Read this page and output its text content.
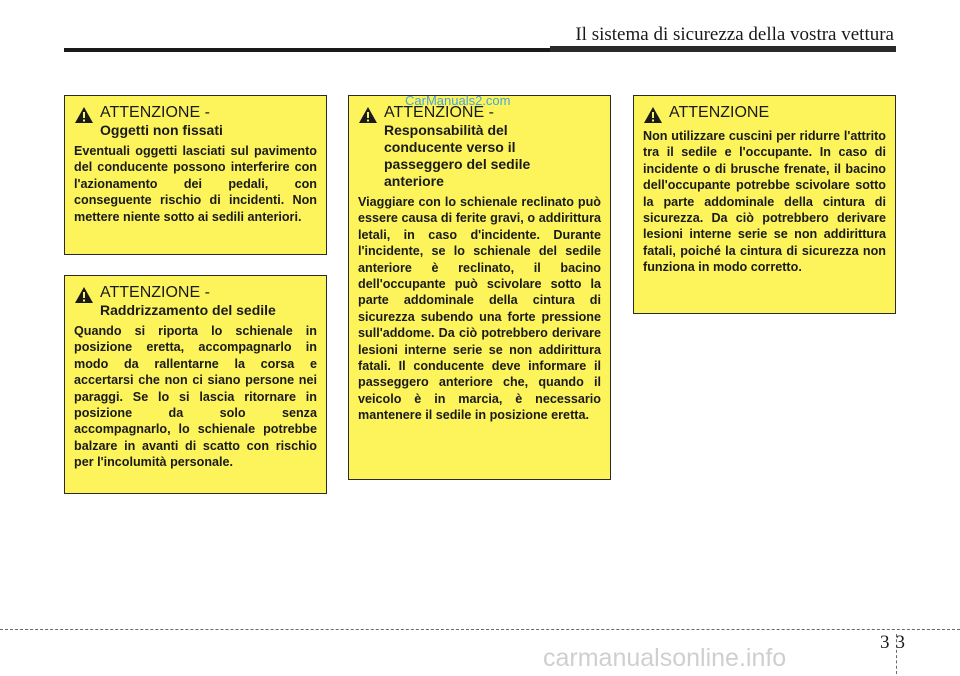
Il sistema di sicurezza della vostra vettura
ATTENZIONE -
Oggetti non fissati
Eventuali oggetti lasciati sul pavimento del conducente possono interferire con l'azionamento dei pedali, con conseguente rischio di incidenti. Non mettere niente sotto ai sedili anteriori.
ATTENZIONE -
Raddrizzamento del sedile
Quando si riporta lo schienale in posizione eretta, accompagnarlo in modo da rallentarne la corsa e accertarsi che non ci siano persone nei paraggi. Se lo si lascia ritornare in posizione da solo senza accompagnarlo, lo schienale potrebbe balzare in avanti di scatto con rischio per l'incolumità personale.
ATTENZIONE -
Responsabilità del conducente verso il passeggero del sedile anteriore
Viaggiare con lo schienale reclinato può essere causa di ferite gravi, o addirittura letali, in caso d'incidente. Durante l'incidente, se lo schienale del sedile anteriore è reclinato, il bacino dell'occupante può scivolare sotto la parte addominale della cintura di sicurezza subendo una forte pressione sull'addome. Da ciò potrebbero derivare lesioni interne serie se non addirittura fatali. Il conducente deve informare il passeggero anteriore che, quando il veicolo è in marcia, è necessario mantenere il sedile in posizione eretta.
ATTENZIONE
Non utilizzare cuscini per ridurre l'attrito tra il sedile e l'occupante. In caso di incidente o di brusche frenate, il bacino dell'occupante potrebbe scivolare sotto la parte addominale della cintura di sicurezza. Da ciò potrebbero derivare lesioni interne serie se non addirittura fatali, poiché la cintura di sicurezza non funziona in modo corretto.
CarManuals2.com
33
carmanualsonline.info
